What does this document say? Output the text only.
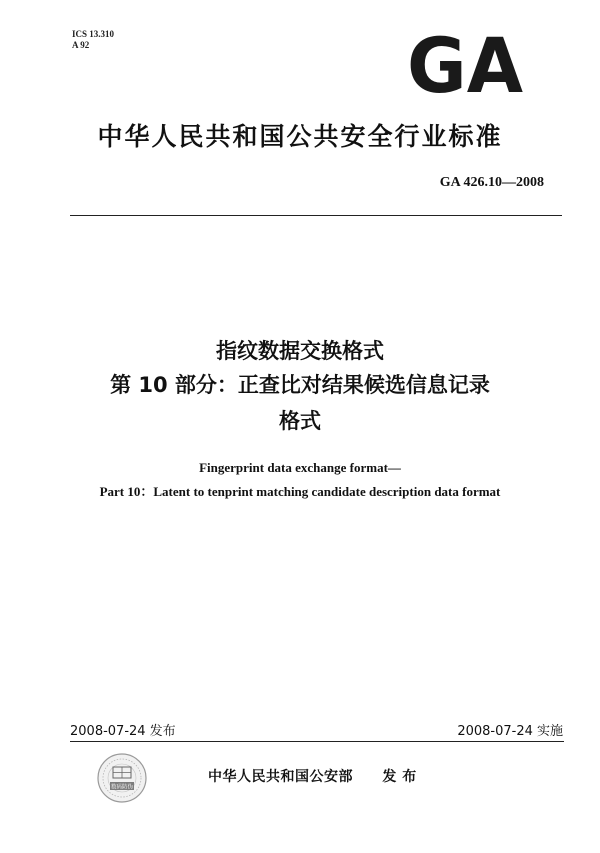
ICS 13.310
A 92	GA
中华人民共和国公共安全行业标准
GA 426.10—2008
指纹数据交换格式
第 10 部分：正查比对结果候选信息记录
格式
Fingerprint data exchange format—
Part 10：Latent to tenprint matching candidate description data format
2008-07-24 发布	2008-07-24 实施
数码防伪
中华人民共和国公安部 发 布
